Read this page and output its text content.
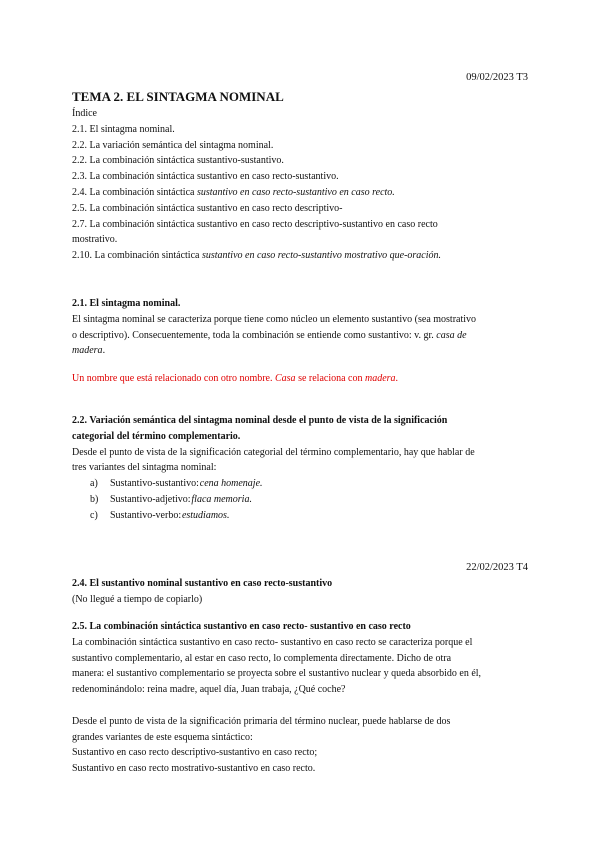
09/02/2023 T3
TEMA 2. EL SINTAGMA NOMINAL
Índice
2.1. El sintagma nominal.
2.2. La variación semántica del sintagma nominal.
2.2. La combinación sintáctica sustantivo-sustantivo.
2.3. La combinación sintáctica sustantivo en caso recto-sustantivo.
2.4. La combinación sintáctica sustantivo en caso recto-sustantivo en caso recto.
2.5. La combinación sintáctica sustantivo en caso recto descriptivo-
2.7. La combinación sintáctica sustantivo en caso recto descriptivo-sustantivo en caso recto
mostrativo.
2.10. La combinación sintáctica sustantivo en caso recto-sustantivo mostrativo que-oración.
2.1. El sintagma nominal.
El sintagma nominal se caracteriza porque tiene como núcleo un elemento sustantivo (sea mostrativo
o descriptivo). Consecuentemente, toda la combinación se entiende como sustantivo: v. gr. casa de
madera.
Un nombre que está relacionado con otro nombre. Casa se relaciona con madera.
2.2. Variación semántica del sintagma nominal desde el punto de vista de la significación
categorial del término complementario.
Desde el punto de vista de la significación categorial del término complementario, hay que hablar de
tres variantes del sintagma nominal:
a)	Sustantivo-sustantivo:
  cena homenaje.
b)	Sustantivo-adjetivo:
  flaca memoria.
c)	Sustantivo-verbo:
  estudiamos.
22/02/2023 T4
2.4. El sustantivo nominal sustantivo en caso recto-sustantivo
(No llegué a tiempo de copiarlo)
2.5. La combinación sintáctica sustantivo en caso recto- sustantivo en caso recto
La combinación sintáctica sustantivo en caso recto- sustantivo en caso recto se caracteriza porque el
sustantivo complementario, al estar en caso recto, lo complementa directamente. Dicho de otra
manera: el sustantivo complementario se proyecta sobre el sustantivo nuclear y queda absorbido en él,
redenominándolo: reina madre, aquel día, Juan trabaja, ¿Qué coche?
Desde el punto de vista de la significación primaria del término nuclear, puede hablarse de dos
grandes variantes de este esquema sintáctico:
Sustantivo en caso recto descriptivo-sustantivo en caso recto;
Sustantivo en caso recto mostrativo-sustantivo en caso recto.
